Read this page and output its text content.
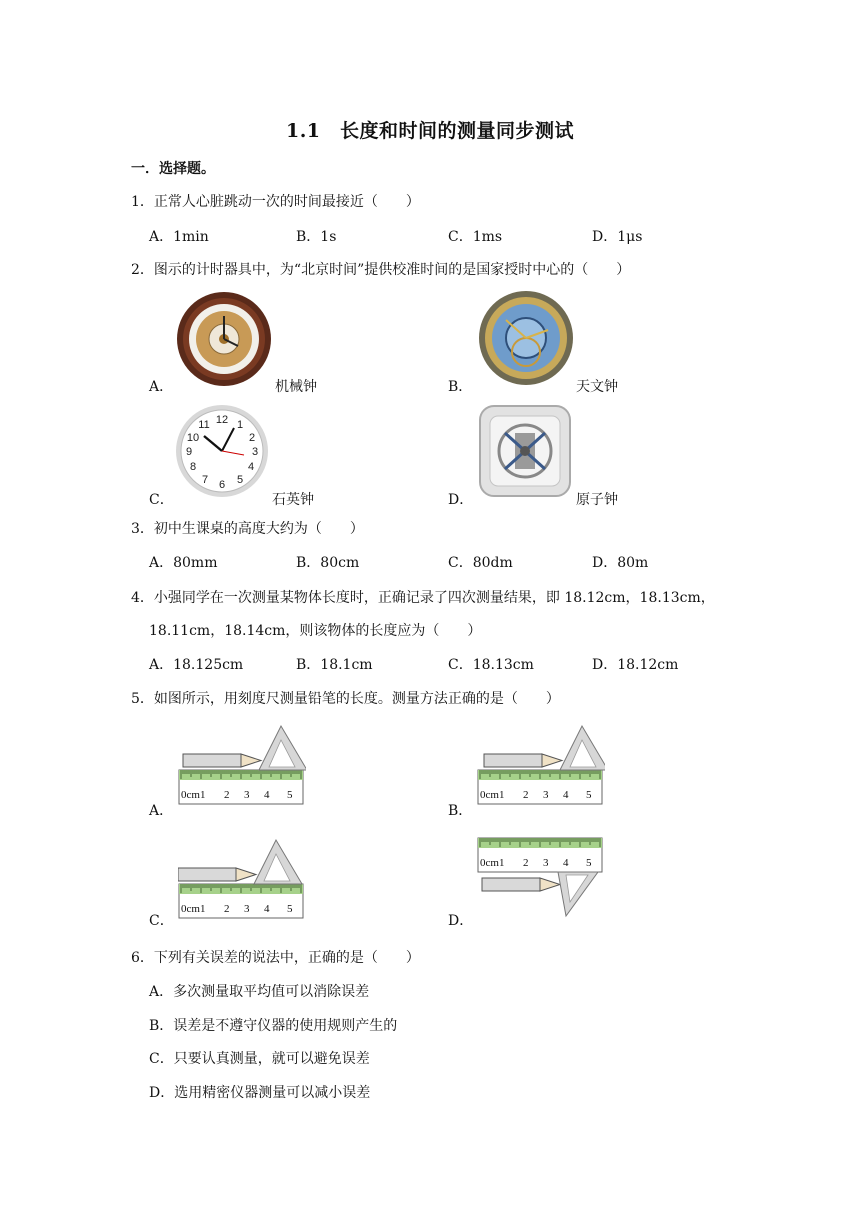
1.1　长度和时间的测量同步测试
一．选择题。
1．正常人心脏跳动一次的时间最接近（　　）
A．1min	B．1s	C．1ms	D．1μs
2．图示的计时器具中，为“北京时间”提供校准时间的是国家授时中心的（　　）
A．	机械钟	B．	天文钟
12 1
2
3
4
5
6
7
8
9
10
11
C．	石英钟	D．	原子钟
3．初中生课桌的高度大约为（　　）
A．80mm	B．80cm	C．80dm	D．80m
4．小强同学在一次测量某物体长度时，正确记录了四次测量结果，即 18.12cm，18.13cm，
18.11cm，18.14cm，则该物体的长度应为（　　）
A．18.125cm	B．18.1cm	C．18.13cm	D．18.12cm
5．如图所示，用刻度尺测量铅笔的长度。测量方法正确的是（　　）
0cm1 2 3 4 5
A．
0cm1 2 3 4 5
B．
0cm1 2 3 4 5
C．
0cm1 2 3 4 5
D．
6．下列有关误差的说法中，正确的是（　　）
A．多次测量取平均值可以消除误差
B．误差是不遵守仪器的使用规则产生的
C．只要认真测量，就可以避免误差
D．选用精密仪器测量可以减小误差
